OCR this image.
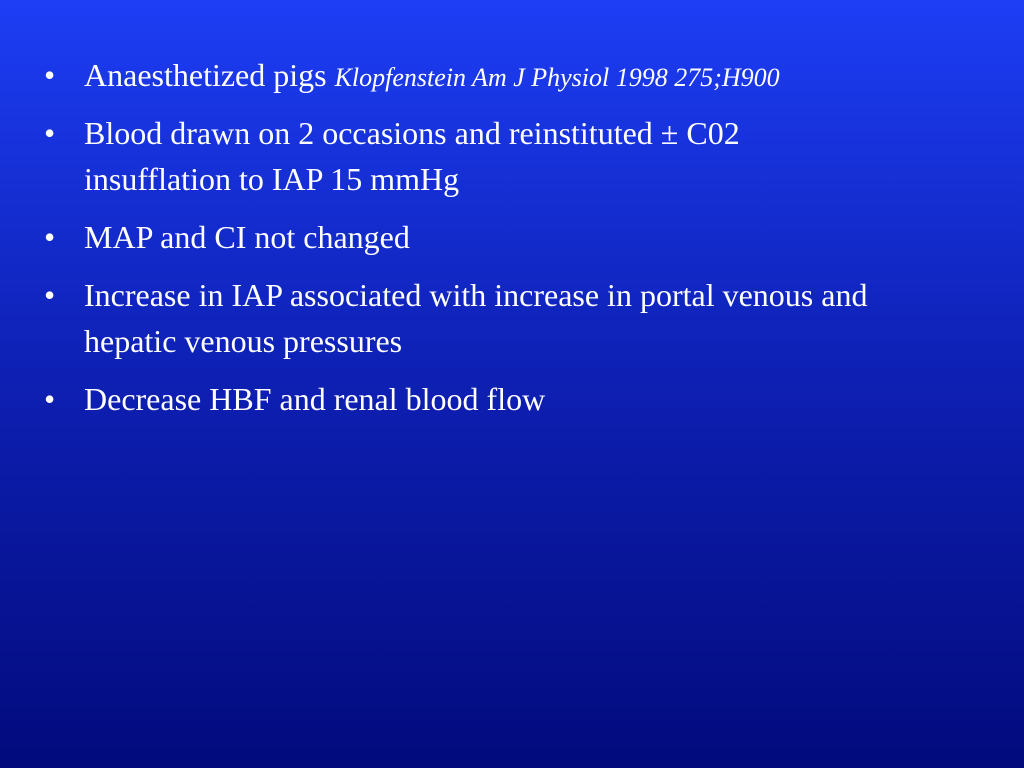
• Anaesthetized pigs Klopfenstein Am J Physiol 1998 275;H900
• Blood drawn on 2 occasions and reinstituted ± C02 insufflation to IAP 15 mmHg
• MAP and CI not changed
• Increase in IAP associated with increase in portal venous and hepatic venous pressures
• Decrease HBF and renal blood flow
